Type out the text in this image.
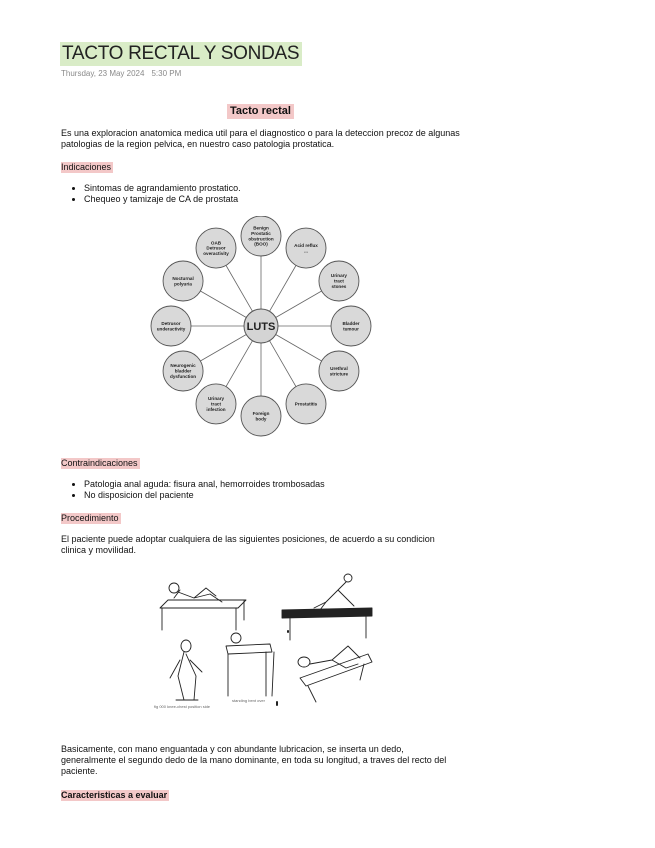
TACTO RECTAL Y SONDAS
Thursday, 23 May 2024 5:30 PM
Tacto rectal

Es una exploracion anatomica medica util para el diagnostico o para la deteccion precoz de algunas patologias de la region pelvica, en nuestro caso patologia prostatica.

Indicaciones
• Sintomas de agrandamiento prostatico.
• Chequeo y tamizaje de CA de prostata
Benign Prostatic obstruction (BOO)	Acid reflux ...
Urinary tract stones
Bladder tumour
Urethral stricture
Prostatitis
Foreign body
Urinary tract infection
Neurogenic bladder dysfunction
Detrusor underactivity
Nocturnal polyuria
OAB Detrusor overactivity
LUTS
Contraindicaciones
• Patologia anal aguda: fisura anal, hemorroides trombosadas
• No disposicion del paciente
Procedimiento

El paciente puede adoptar cualquiera de las siguientes posiciones, de acuerdo a su condicion clinica y movilidad.

fig 000 knee-chest position side
standing bent over

Basicamente, con mano enguantada y con abundante lubricacion, se inserta un dedo, generalmente el segundo dedo de la mano dominante, en toda su longitud, a traves del recto del paciente.

Caracteristicas a evaluar
